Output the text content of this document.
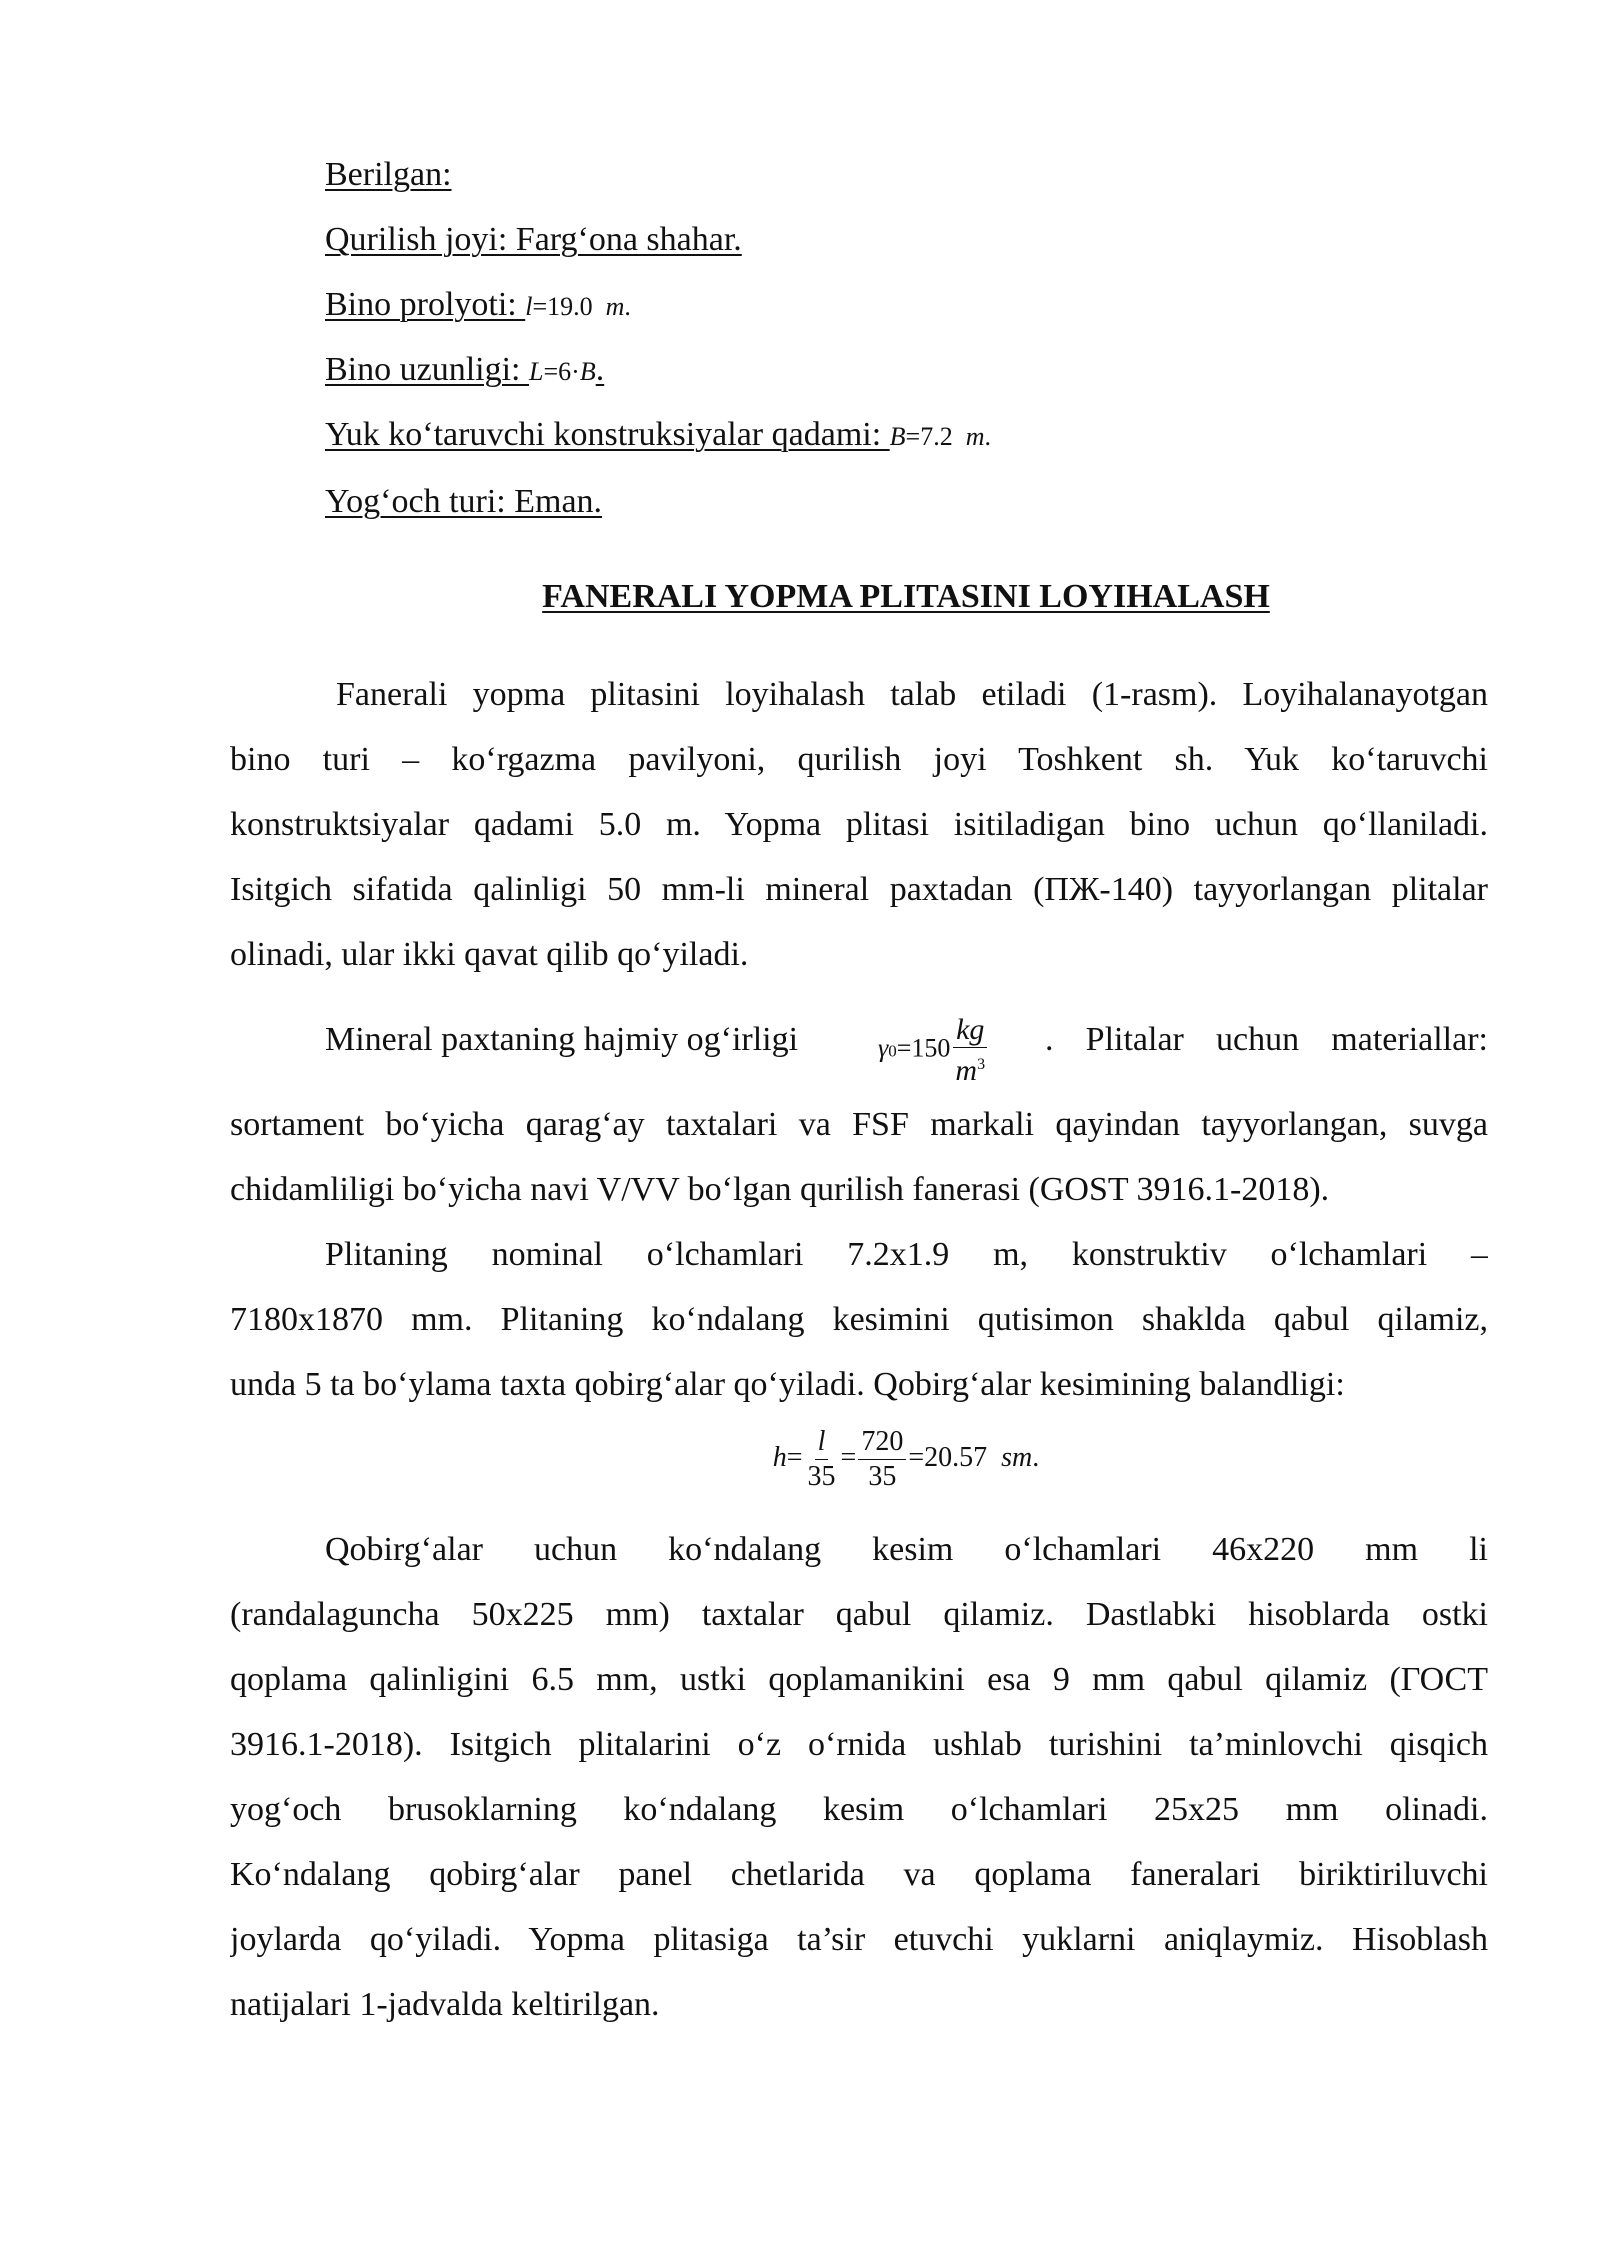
Berilgan:
Qurilish joyi: Farg‘ona shahar.
Bino prolyoti: l=19.0 m.
Bino uzunligi: L=6·B.
Yuk ko‘taruvchi konstruksiyalar qadami: B=7.2 m.
Yog‘och turi: Eman.
FANERALI YOPMA PLITASINI LOYIHALASH
Fanerali yopma plitasini loyihalash talab etiladi (1-rasm). Loyihalanayotgan
bino turi – ko‘rgazma pavilyoni, qurilish joyi Toshkent sh. Yuk ko‘taruvchi
konstruktsiyalar qadami 5.0 m. Yopma plitasi isitiladigan bino uchun qo‘llaniladi.
Isitgich sifatida qalinligi 50 mm-li mineral paxtadan (ПЖ-140) tayyorlangan plitalar
olinadi, ular ikki qavat qilib qo‘yiladi.
Mineral paxtaning hajmiy og‘irligi	$\gamma 0=150 \frac{kg}{m^3}$ . Plitalar uchun materiallar:
sortament bo‘yicha qarag‘ay taxtalari va FSF markali qayindan tayyorlangan, suvga
chidamliligi bo‘yicha navi V/VV bo‘lgan qurilish fanerasi (GOST 3916.1-2018).
Plitaning nominal o‘lchamlari 7.2x1.9 m, konstruktiv o‘lchamlari –
7180x1870 mm. Plitaning ko‘ndalang kesimini qutisimon shaklda qabul qilamiz,
unda 5 ta bo‘ylama taxta qobirg‘alar qo‘yiladi. Qobirg‘alar kesimining balandligi:
$h= \frac{l}{35} = \frac{720}{35} =20.57$ sm.
Qobirg‘alar uchun ko‘ndalang kesim o‘lchamlari 46x220 mm li
(randalaguncha 50x225 mm) taxtalar qabul qilamiz. Dastlabki hisoblarda ostki
qoplama qalinligini 6.5 mm, ustki qoplamanikini esa 9 mm qabul qilamiz (ГОСТ
3916.1-2018). Isitgich plitalarini o‘z o‘rnida ushlab turishini ta’minlovchi qisqich
yog‘och brusoklarning ko‘ndalang kesim o‘lchamlari 25x25 mm olinadi.
Ko‘ndalang qobirg‘alar panel chetlarida va qoplama faneralari biriktiriluvchi
joylarda qo‘yiladi. Yopma plitasiga ta’sir etuvchi yuklarni aniqlaymiz. Hisoblash
natijalari 1-jadvalda keltirilgan.
